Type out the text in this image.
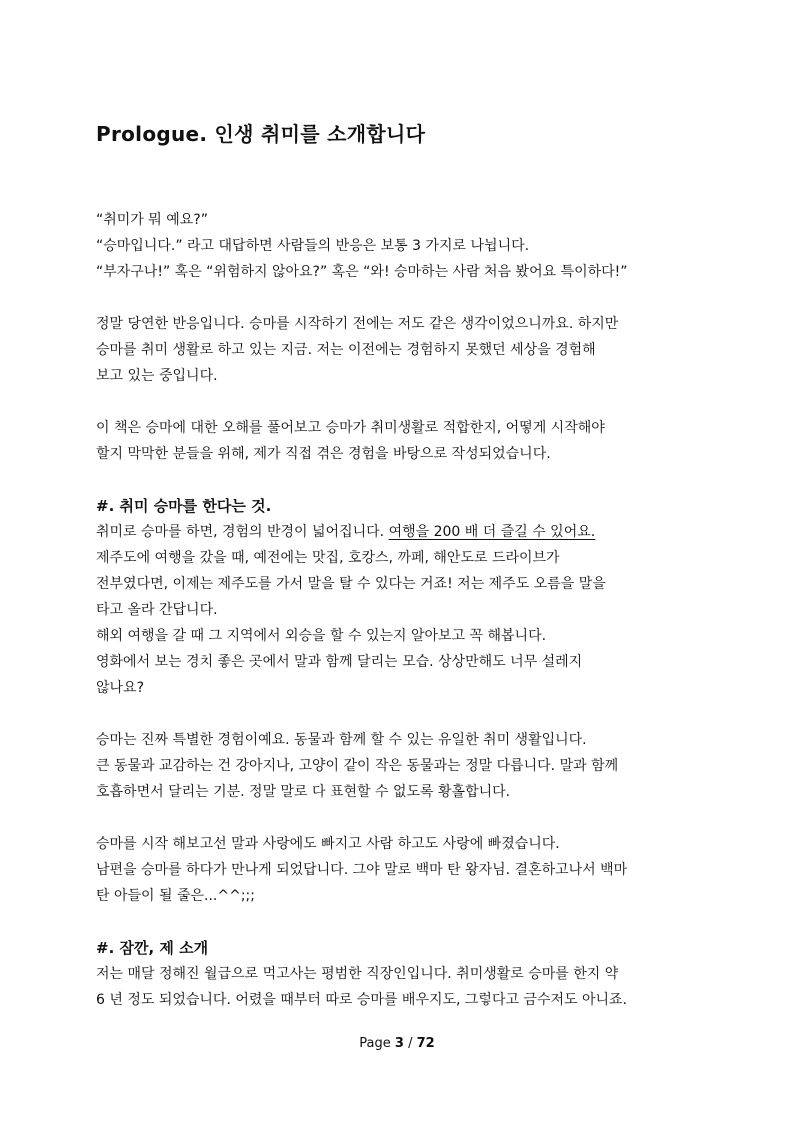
Prologue. 인생 취미를 소개합니다

“취미가 뭐 예요?”

“승마입니다.” 라고 대답하면 사람들의 반응은 보통 3 가지로 나뉩니다.

“부자구나!” 혹은 “위험하지 않아요?” 혹은 “와! 승마하는 사람 처음 봤어요 특이하다!”

정말 당연한 반응입니다. 승마를 시작하기 전에는 저도 같은 생각이었으니까요. 하지만

승마를 취미 생활로 하고 있는 지금. 저는 이전에는 경험하지 못했던 세상을 경험해

보고 있는 중입니다.

이 책은 승마에 대한 오해를 풀어보고 승마가 취미생활로 적합한지, 어떻게 시작해야

할지 막막한 분들을 위해, 제가 직접 겪은 경험을 바탕으로 작성되었습니다.

#. 취미 승마를 한다는 것.

취미로 승마를 하면, 경험의 반경이 넓어집니다. 여행을 200 배 더 즐길 수 있어요.

제주도에 여행을 갔을 때, 예전에는 맛집, 호캉스, 까페, 해안도로 드라이브가

전부였다면, 이제는 제주도를 가서 말을 탈 수 있다는 거죠! 저는 제주도 오름을 말을

타고 올라 간답니다.

해외 여행을 갈 때 그 지역에서 외승을 할 수 있는지 알아보고 꼭 해봅니다.

영화에서 보는 경치 좋은 곳에서 말과 함께 달리는 모습. 상상만해도 너무 설레지

않나요?

승마는 진짜 특별한 경험이예요. 동물과 함께 할 수 있는 유일한 취미 생활입니다.

큰 동물과 교감하는 건 강아지나, 고양이 같이 작은 동물과는 정말 다릅니다. 말과 함께

호흡하면서 달리는 기분. 정말 말로 다 표현할 수 없도록 황홀합니다.

승마를 시작 해보고선 말과 사랑에도 빠지고 사람 하고도 사랑에 빠졌습니다.

남편을 승마를 하다가 만나게 되었답니다. 그야 말로 백마 탄 왕자님. 결혼하고나서 백마

탄 아들이 될 줄은...^^;;;

#. 잠깐, 제 소개

저는 매달 정해진 월급으로 먹고사는 평범한 직장인입니다. 취미생활로 승마를 한지 약

6 년 정도 되었습니다. 어렸을 때부터 따로 승마를 배우지도, 그렇다고 금수저도 아니죠.

Page 3 / 72
